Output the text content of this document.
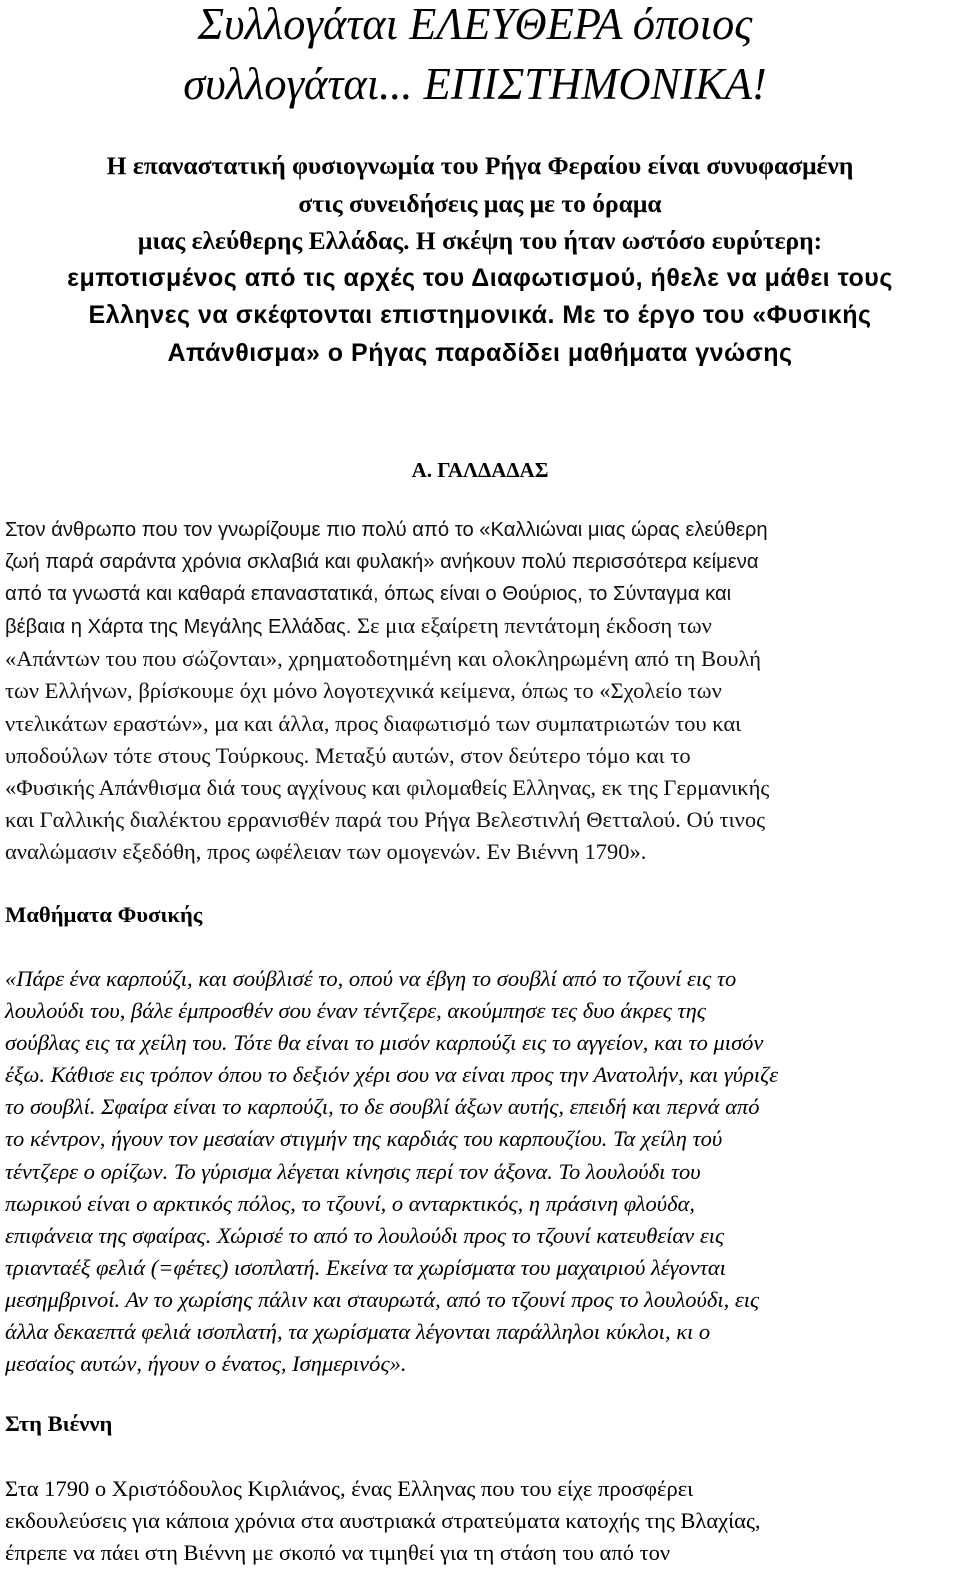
Συλλογάται ΕΛΕΥΘΕΡΑ όποιος
συλλογάται... ΕΠΙΣΤΗΜΟΝΙΚΑ!
Η επαναστατική φυσιογνωμία του Ρήγα Φεραίου είναι συνυφασμένη
στις συνειδήσεις μας με το όραμα
μιας ελεύθερης Ελλάδας. Η σκέψη του ήταν ωστόσο ευρύτερη:
εμποτισμένος από τις αρχές του Διαφωτισμού, ήθελε να μάθει τους
Ελληνες να σκέφτονται επιστημονικά. Με το έργο του «Φυσικής
Απάνθισμα» ο Ρήγας παραδίδει μαθήματα γνώσης
Α. ΓΑΛΔΑΔΑΣ
Στον άνθρωπο που τον γνωρίζουμε πιο πολύ από το «Καλλιώναι μιας ώρας ελεύθερη
ζωή παρά σαράντα χρόνια σκλαβιά και φυλακή» ανήκουν πολύ περισσότερα κείμενα
από τα γνωστά και καθαρά επαναστατικά, όπως είναι ο Θούριος, το Σύνταγμα και
βέβαια η Χάρτα της Μεγάλης Ελλάδας. Σε μια εξαίρετη πεντάτομη έκδοση των
«Απάντων του που σώζονται», χρηματοδοτημένη και ολοκληρωμένη από τη Βουλή
των Ελλήνων, βρίσκουμε όχι μόνο λογοτεχνικά κείμενα, όπως το «Σχολείο των
ντελικάτων εραστών», μα και άλλα, προς διαφωτισμό των συμπατριωτών του και
υποδούλων τότε στους Τούρκους. Μεταξύ αυτών, στον δεύτερο τόμο και το
«Φυσικής Απάνθισμα διά τους αγχίνους και φιλομαθείς Ελληνας, εκ της Γερμανικής
και Γαλλικής διαλέκτου ερρανισθέν παρά του Ρήγα Βελεστινλή Θετταλού. Ού τινος
αναλώμασιν εξεδόθη, προς ωφέλειαν των ομογενών. Εν Βιέννη 1790».
Μαθήματα Φυσικής
«Πάρε ένα καρπούζι, και σούβλισέ το, οπού να έβγη το σουβλί από το τζουνί εις το
λουλούδι του, βάλε έμπροσθέν σου έναν τέντζερε, ακούμπησε τες δυο άκρες της
σούβλας εις τα χείλη του. Τότε θα είναι το μισόν καρπούζι εις το αγγείον, και το μισόν
έξω. Κάθισε εις τρόπον όπου το δεξιόν χέρι σου να είναι προς την Ανατολήν, και γύριζε
το σουβλί. Σφαίρα είναι το καρπούζι, το δε σουβλί άξων αυτής, επειδή και περνά από
το κέντρον, ήγουν τον μεσαίαν στιγμήν της καρδιάς του καρπουζίου. Τα χείλη τού
τέντζερε ο ορίζων. Το γύρισμα λέγεται κίνησις περί τον άξονα. Το λουλούδι του
πωρικού είναι ο αρκτικός πόλος, το τζουνί, ο ανταρκτικός, η πράσινη φλούδα,
επιφάνεια της σφαίρας. Χώρισέ το από το λουλούδι προς το τζουνί κατευθείαν εις
τριανταέξ φελιά (=φέτες) ισοπλατή. Εκείνα τα χωρίσματα του μαχαιριού λέγονται
μεσημβρινοί. Αν το χωρίσης πάλιν και σταυρωτά, από το τζουνί προς το λουλούδι, εις
άλλα δεκαεπτά φελιά ισοπλατή, τα χωρίσματα λέγονται παράλληλοι κύκλοι, κι ο
μεσαίος αυτών, ήγουν ο ένατος, Ισημερινός».
Στη Βιέννη
Στα 1790 ο Χριστόδουλος Κιρλιάνος, ένας Ελληνας που του είχε προσφέρει
εκδουλεύσεις για κάποια χρόνια στα αυστριακά στρατεύματα κατοχής της Βλαχίας,
έπρεπε να πάει στη Βιέννη με σκοπό να τιμηθεί για τη στάση του από τον
